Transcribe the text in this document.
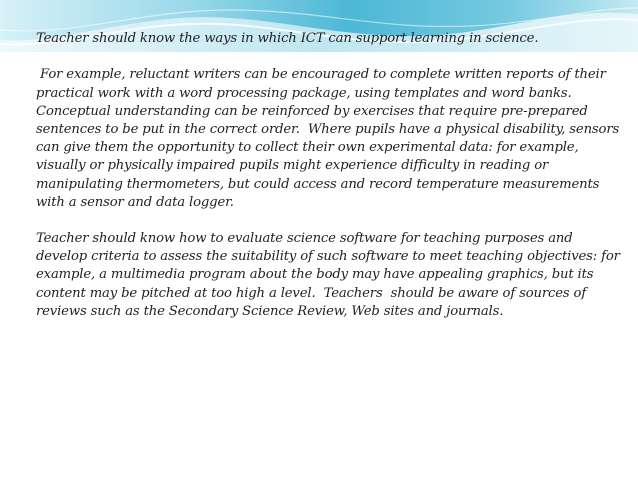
Teacher should know the ways in which ICT can support learning in science.
For example, reluctant writers can be encouraged to complete written reports of their
practical work with a word processing package, using templates and word banks.
Conceptual understanding can be reinforced by exercises that require pre-prepared
sentences to be put in the correct order.  Where pupils have a physical disability, sensors
can give them the opportunity to collect their own experimental data: for example,
visually or physically impaired pupils might experience difficulty in reading or
manipulating thermometers, but could access and record temperature measurements
with a sensor and data logger.
Teacher should know how to evaluate science software for teaching purposes and
develop criteria to assess the suitability of such software to meet teaching objectives: for
example, a multimedia program about the body may have appealing graphics, but its
content may be pitched at too high a level.  Teachers  should be aware of sources of
reviews such as the Secondary Science Review, Web sites and journals.
